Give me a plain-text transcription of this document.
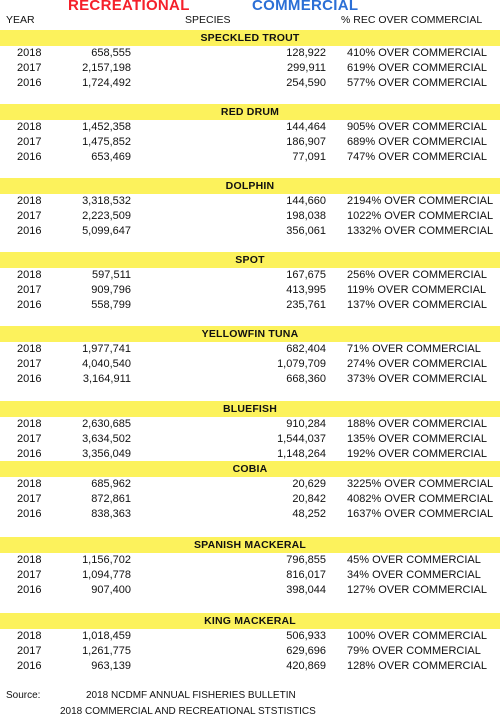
RECREATIONAL	COMMERCIAL
YEAR	SPECIES	% REC OVER COMMERCIAL
SPECKLED TROUT
2018	658,555	128,922 410% OVER COMMERCIAL
2017	2,157,198	299,911 619% OVER COMMERCIAL
2016	1,724,492	254,590 577% OVER COMMERCIAL
RED DRUM
2018	1,452,358	144,464 905% OVER COMMERCIAL
2017	1,475,852	186,907 689% OVER COMMERCIAL
2016	653,469	77,091 747% OVER COMMERCIAL
DOLPHIN
2018	3,318,532	144,660 2194% OVER COMMERCIAL
2017	2,223,509	198,038 1022% OVER COMMERCIAL
2016	5,099,647	356,061 1332% OVER COMMERCIAL
SPOT
2018	597,511	167,675 256% OVER COMMERCIAL
2017	909,796	413,995 119% OVER COMMERCIAL
2016	558,799	235,761 137% OVER COMMERCIAL
YELLOWFIN TUNA
2018	1,977,741	682,404 71% OVER COMMERCIAL
2017	4,040,540	1,079,709 274% OVER COMMERCIAL
2016	3,164,911	668,360 373% OVER COMMERCIAL
BLUEFISH
2018	2,630,685	910,284 188% OVER COMMERCIAL
2017	3,634,502	1,544,037 135% OVER COMMERCIAL
2016	3,356,049	1,148,264 192% OVER COMMERCIAL
COBIA
2018	685,962	20,629 3225% OVER COMMERCIAL
2017	872,861	20,842 4082% OVER COMMERCIAL
2016	838,363	48,252 1637% OVER COMMERCIAL
SPANISH MACKERAL
2018	1,156,702	796,855 45% OVER COMMERCIAL
2017	1,094,778	816,017 34% OVER COMMERCIAL
2016	907,400	398,044 127% OVER COMMERCIAL
KING MACKERAL
2018	1,018,459	506,933 100% OVER COMMERCIAL
2017	1,261,775	629,696 79% OVER COMMERCIAL
2016	963,139	420,869 128% OVER COMMERCIAL
Source:	2018 NCDMF ANNUAL FISHERIES BULLETIN
2018 COMMERCIAL AND RECREATIONAL STSTISTICS
